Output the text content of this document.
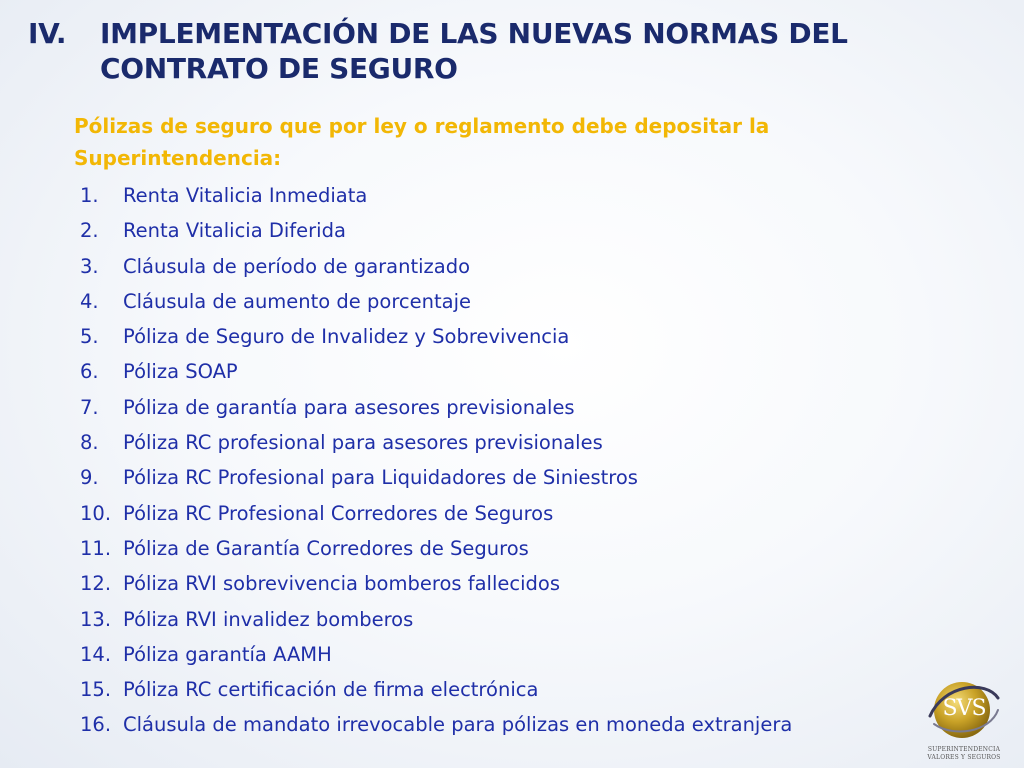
IV.	IMPLEMENTACIÓN DE LAS NUEVAS NORMAS DEL
CONTRATO DE SEGURO
Pólizas de seguro que por ley o reglamento debe depositar la
Superintendencia:
1. Renta Vitalicia Inmediata
2. Renta Vitalicia Diferida
3. Cláusula de período de garantizado
4. Cláusula de aumento de porcentaje
5. Póliza de Seguro de Invalidez y Sobrevivencia
6. Póliza SOAP
7. Póliza de garantía para asesores previsionales
8. Póliza RC profesional para asesores previsionales
9. Póliza RC Profesional para Liquidadores de Siniestros
10. Póliza RC Profesional Corredores de Seguros
11. Póliza de Garantía Corredores de Seguros
12. Póliza RVI sobrevivencia bomberos fallecidos
13. Póliza RVI invalidez bomberos
14. Póliza garantía AAMH
15. Póliza RC certificación de firma electrónica
16. Cláusula de mandato irrevocable para pólizas en moneda extranjera
SVS
SUPERINTENDENCIA
VALORES Y SEGUROS
